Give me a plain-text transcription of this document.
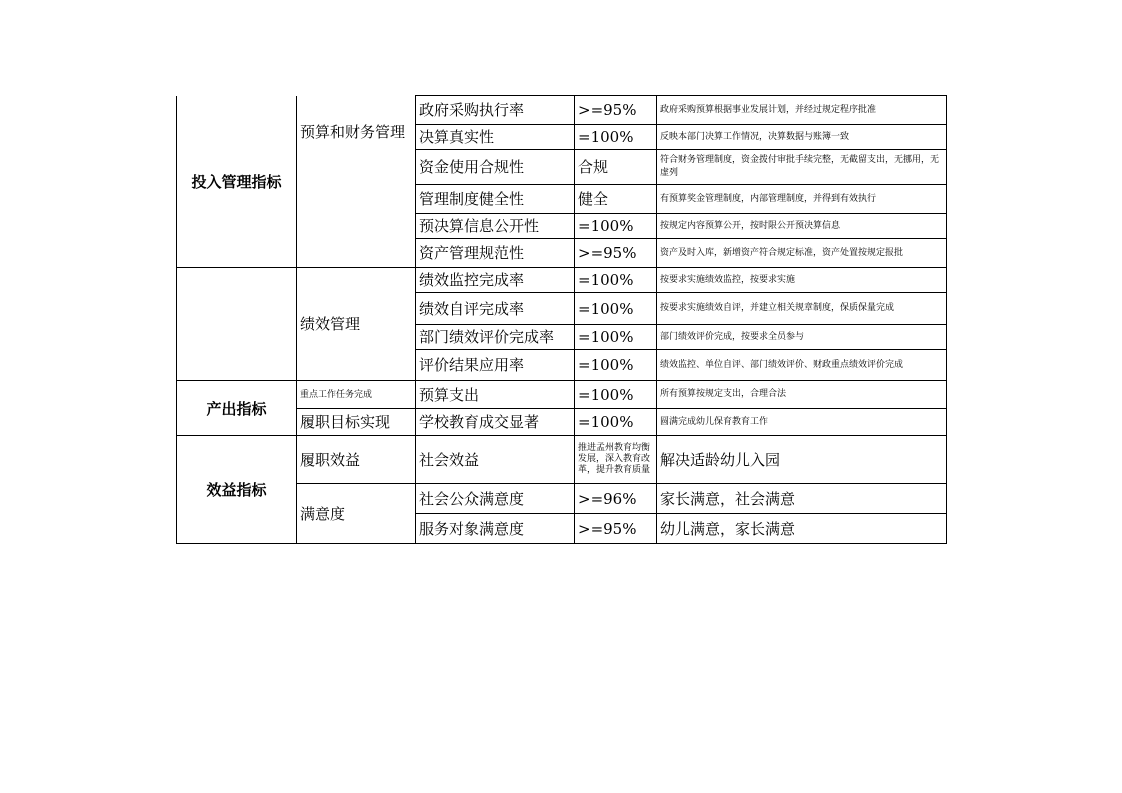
投入管理指标	预算和财务管理	政府采购执行率	>=95%	政府采购预算根据事业发展计划，并经过规定程序批准
		决算真实性	=100%	反映本部门决算工作情况，决算数据与账簿一致
		资金使用合规性	合规	符合财务管理制度，资金拨付审批手续完整，无截留支出，无挪用，无虚列
		管理制度健全性	健全	有预算奖金管理制度，内部管理制度，并得到有效执行
		预决算信息公开性	=100%	按规定内容预算公开，按时限公开预决算信息
		资产管理规范性	>=95%	资产及时入库，新增资产符合规定标准，资产处置按规定报批
	绩效管理	绩效监控完成率	=100%	按要求实施绩效监控，按要求实施
		绩效自评完成率	=100%	按要求实施绩效自评，并建立相关规章制度，保质保量完成
		部门绩效评价完成率	=100%	部门绩效评价完成，按要求全员参与
		评价结果应用率	=100%	绩效监控、单位自评、部门绩效评价、财政重点绩效评价完成
产出指标	重点工作任务完成	预算支出	=100%	所有预算按规定支出，合理合法
	履职目标实现	学校教育成交显著	=100%	圆满完成幼儿保育教育工作
效益指标	履职效益	社会效益	推进孟州教育均衡发展，深入教育改革，提升教育质量	解决适龄幼儿入园
	满意度	社会公众满意度	>=96%	家长满意，社会满意
		服务对象满意度	>=95%	幼儿满意，家长满意
